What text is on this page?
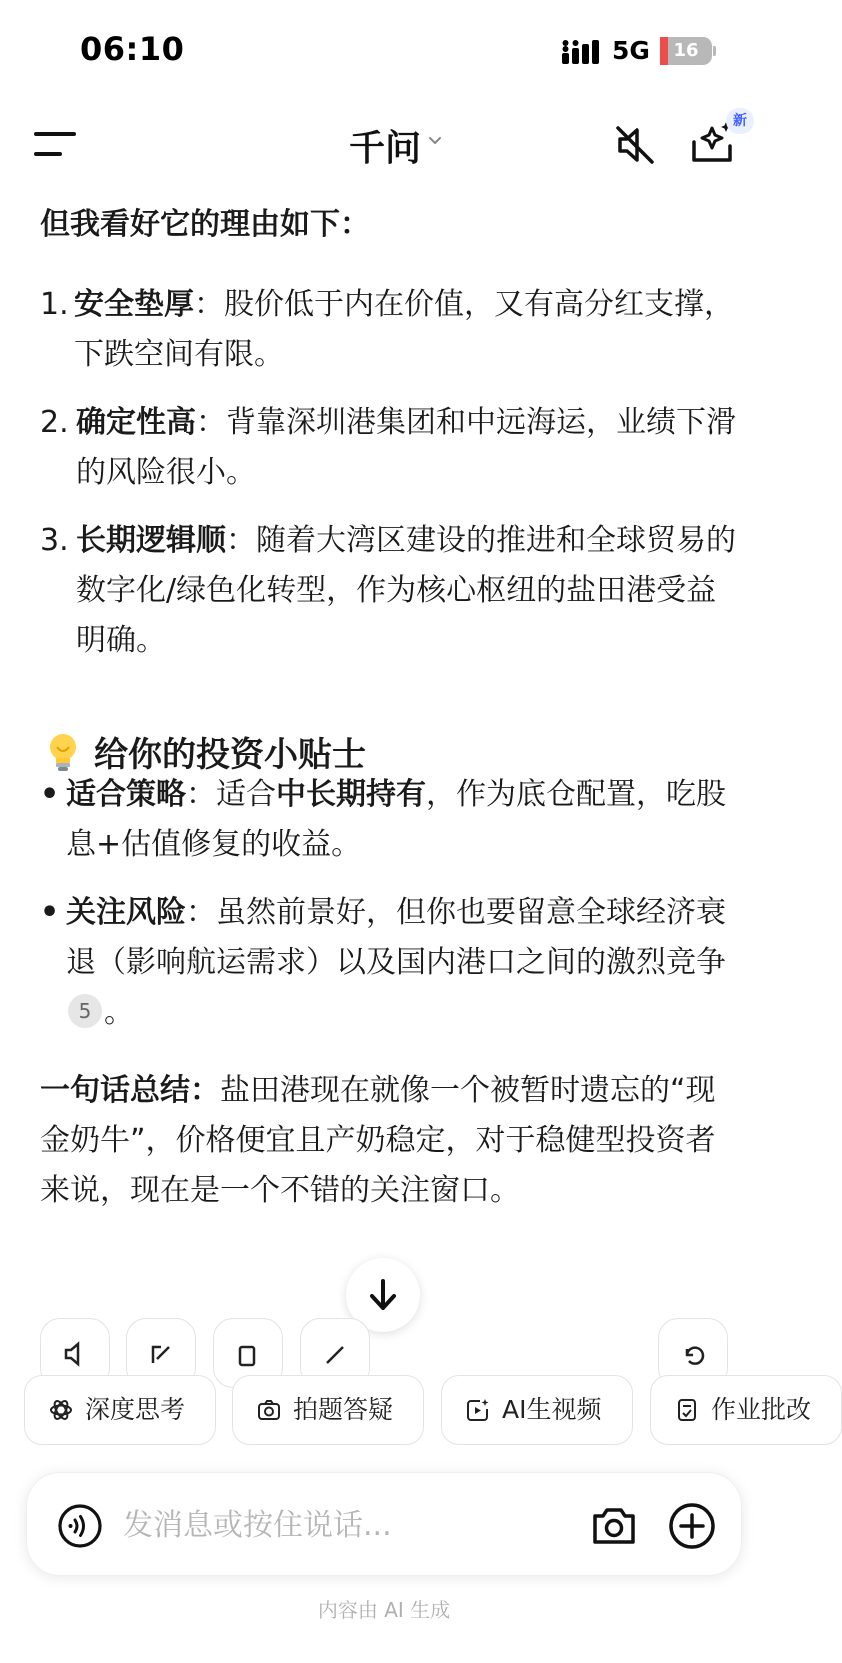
06:10	5G	16
千问
新
但我看好它的理由如下：
1. 安全垫厚：股价低于内在价值，又有高分红支撑，下跌空间有限。
2. 确定性高：背靠深圳港集团和中远海运，业绩下滑的风险很小。
3. 长期逻辑顺：随着大湾区建设的推进和全球贸易的数字化/绿色化转型，作为核心枢纽的盐田港受益明确。
给你的投资小贴士
• 适合策略：适合中长期持有，作为底仓配置，吃股息+估值修复的收益。
• 关注风险：虽然前景好，但你也要留意全球经济衰退（影响航运需求）以及国内港口之间的激烈竞争5 。
一句话总结：盐田港现在就像一个被暂时遗忘的“现金奶牛”，价格便宜且产奶稳定，对于稳健型投资者来说，现在是一个不错的关注窗口。
深度思考	拍题答疑	AI生视频	作业批改
发消息或按住说话...
内容由 AI 生成
